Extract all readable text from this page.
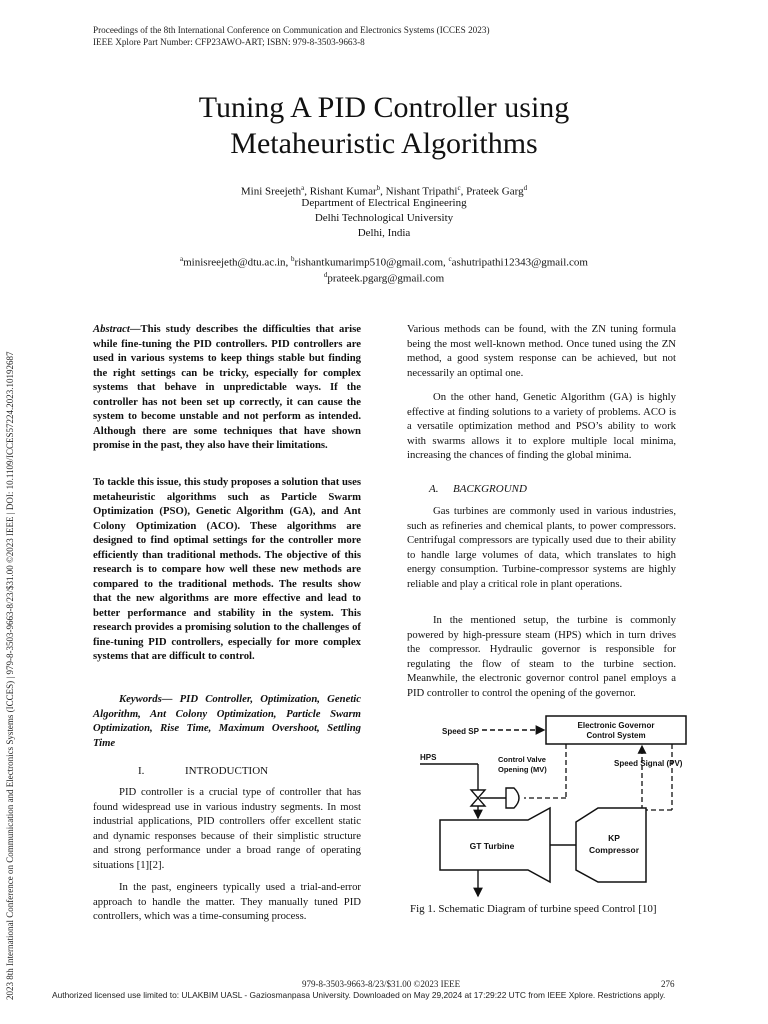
Proceedings of the 8th International Conference on Communication and Electronics Systems (ICCES 2023)
IEEE Xplore Part Number: CFP23AWO-ART; ISBN: 979-8-3503-9663-8
2023 8th International Conference on Communication and Electronics Systems (ICCES) | 979-8-3503-9663-8/23/$31.00 ©2023 IEEE | DOI: 10.1109/ICCES57224.2023.10192687
Tuning A PID Controller using
Metaheuristic Algorithms
Mini Sreejeth$^a$, Rishant Kumar$^b$, Nishant Tripathi$^c$, Prateek Garg$^d$
Department of Electrical Engineering
Delhi Technological University
Delhi, India
$^a$minisreejeth@dtu.ac.in, $^b$rishantkumarimp510@gmail.com, $^c$ashutripathi12343@gmail.com
$^d$prateek.pgarg@gmail.com
Abstract—This study describes the difficulties that arise while fine-tuning the PID controllers. PID controllers are used in various systems to keep things stable but finding the right settings can be tricky, especially for complex systems that behave in unpredictable ways. If the controller has not been set up correctly, it can cause the system to become unstable and not perform as intended. Although there are some techniques that have shown promise in the past, they also have their limitations.
To tackle this issue, this study proposes a solution that uses metaheuristic algorithms such as Particle Swarm Optimization (PSO), Genetic Algorithm (GA), and Ant Colony Optimization (ACO). These algorithms are designed to find optimal settings for the controller more efficiently than traditional methods. The objective of this research is to compare how well these new methods are compared to the traditional methods. The results show that the new algorithms are more effective and lead to better performance and stability in the system. This research provides a promising solution to the challenges of fine-tuning PID controllers, especially for more complex systems that are difficult to control.
Keywords— PID Controller, Optimization, Genetic Algorithm, Ant Colony Optimization, Particle Swarm Optimization, Rise Time, Maximum Overshoot, Settling Time
I.	INTRODUCTION
PID controller is a crucial type of controller that has found widespread use in various industry segments. In most industrial applications, PID controllers offer excellent static and dynamic responses because of their simplistic structure and strong performance under a broad range of operating situations [1][2].
In the past, engineers typically used a trial-and-error approach to handle the matter. They manually tuned PID controllers, which was a time-consuming process.
Various methods can be found, with the ZN tuning formula being the most well-known method. Once tuned using the ZN method, a good system response can be achieved, but not necessarily an optimal one.
On the other hand, Genetic Algorithm (GA) is highly effective at finding solutions to a variety of problems. ACO is a versatile optimization method and PSO’s ability to work with swarms allows it to explore multiple local minima, increasing the chances of finding the global minima.
A. BACKGROUND
Gas turbines are commonly used in various industries, such as refineries and chemical plants, to power compressors. Centrifugal compressors are typically used due to their ability to handle large volumes of data, which translates to high energy consumption. Turbine-compressor systems are highly reliable and play a critical role in plant operations.
In the mentioned setup, the turbine is commonly powered by high-pressure steam (HPS) which in turn drives the compressor. Hydraulic governor is responsible for regulating the flow of steam to the turbine section. Meanwhile, the electronic governor control panel employs a PID controller to control the opening of the governor.
Speed SP
Electronic Governor
Control System
Speed Signal (PV)
Control Valve
Opening (MV)
HPS
GT Turbine
KP
Compressor
Fig 1. Schematic Diagram of turbine speed Control [10]
979-8-3503-9663-8/23/$31.00 ©2023 IEEE	276
Authorized licensed use limited to: ULAKBIM UASL - Gaziosmanpasa University. Downloaded on May 29,2024 at 17:29:22 UTC from IEEE Xplore. Restrictions apply.
